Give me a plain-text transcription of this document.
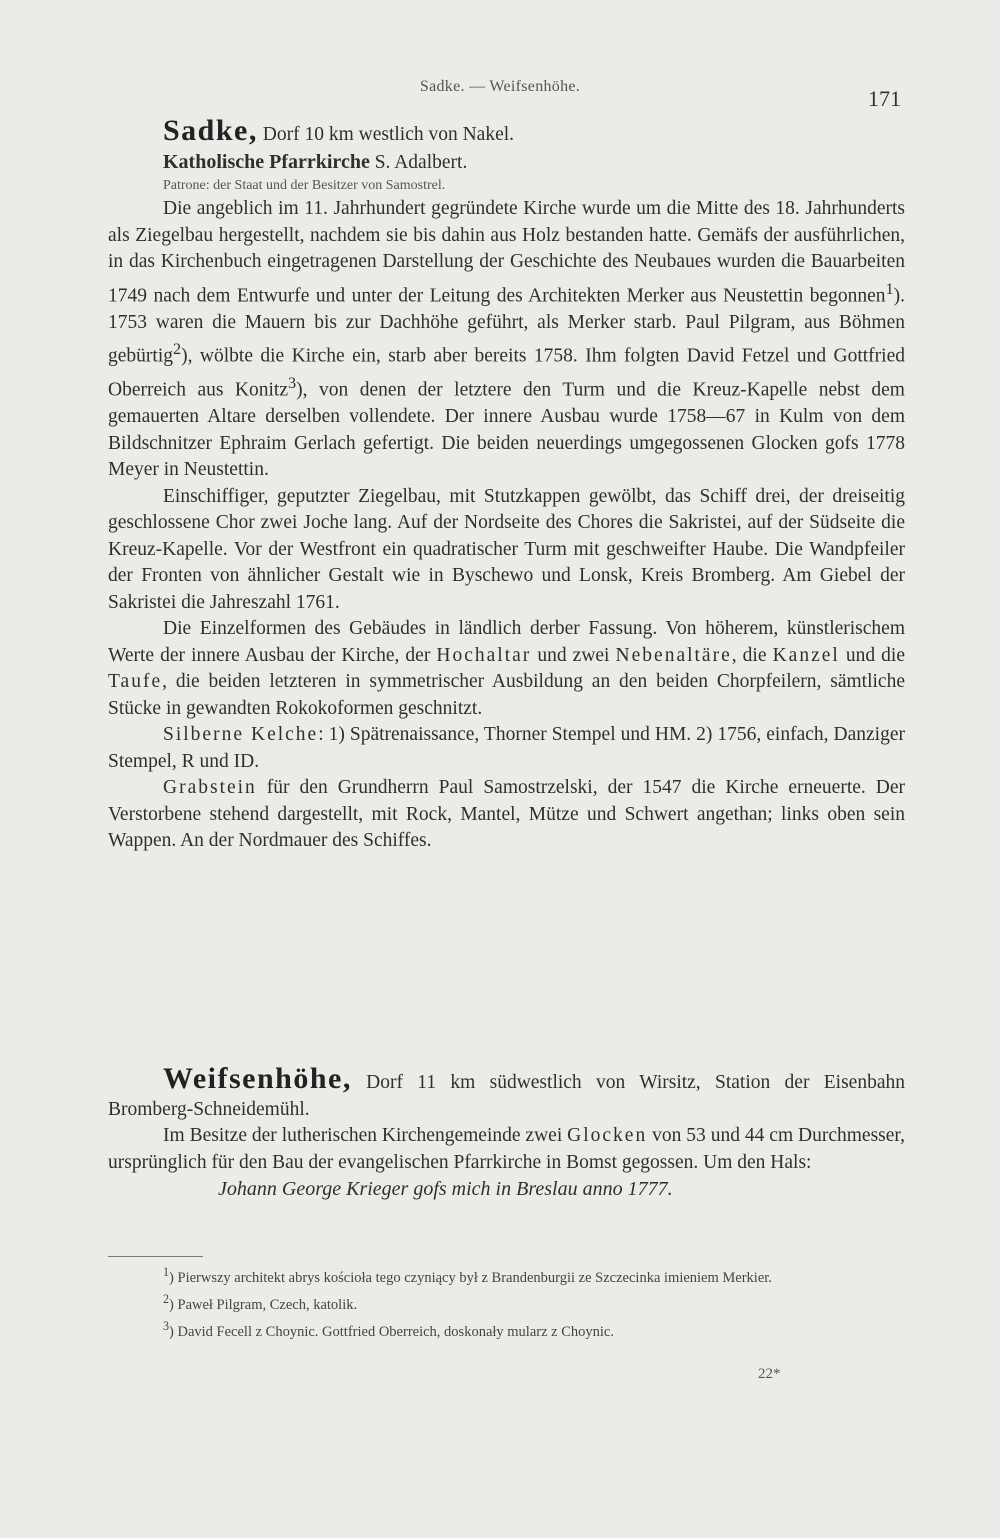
Sadke. — Weifsenhöhe.	171
Sadke, Dorf 10 km westlich von Nakel.

Katholische Pfarrkirche S. Adalbert.

Patrone: der Staat und der Besitzer von Samostrel.

Die angeblich im 11. Jahrhundert gegründete Kirche wurde um die Mitte des 18. Jahrhunderts als Ziegelbau hergestellt, nachdem sie bis dahin aus Holz bestanden hatte. Gemäfs der ausführlichen, in das Kirchenbuch eingetragenen Darstellung der Geschichte des Neubaues wurden die Bauarbeiten 1749 nach dem Entwurfe und unter der Leitung des Architekten Merker aus Neustettin begonnen$^1$). 1753 waren die Mauern bis zur Dachhöhe geführt, als Merker starb. Paul Pilgram, aus Böhmen gebürtig$^2$), wölbte die Kirche ein, starb aber bereits 1758. Ihm folgten David Fetzel und Gottfried Oberreich aus Konitz$^3$), von denen der letztere den Turm und die Kreuz-Kapelle nebst dem gemauerten Altare derselben vollendete. Der innere Ausbau wurde 1758—67 in Kulm von dem Bildschnitzer Ephraim Gerlach gefertigt. Die beiden neuerdings umgegossenen Glocken gofs 1778 Meyer in Neustettin.

Einschiffiger, geputzter Ziegelbau, mit Stutzkappen gewölbt, das Schiff drei, der dreiseitig geschlossene Chor zwei Joche lang. Auf der Nordseite des Chores die Sakristei, auf der Südseite die Kreuz-Kapelle. Vor der Westfront ein quadratischer Turm mit geschweifter Haube. Die Wandpfeiler der Fronten von ähnlicher Gestalt wie in Byschewo und Lonsk, Kreis Bromberg. Am Giebel der Sakristei die Jahreszahl 1761.

Die Einzelformen des Gebäudes in ländlich derber Fassung. Von höherem, künstlerischem Werte der innere Ausbau der Kirche, der Hochaltar und zwei Nebenaltäre, die Kanzel und die Taufe, die beiden letzteren in symmetrischer Ausbildung an den beiden Chorpfeilern, sämtliche Stücke in gewandten Rokokoformen geschnitzt.

Silberne Kelche: 1) Spätrenaissance, Thorner Stempel und HM. 2) 1756, einfach, Danziger Stempel, R und ID.

Grabstein für den Grundherrn Paul Samostrzelski, der 1547 die Kirche erneuerte. Der Verstorbene stehend dargestellt, mit Rock, Mantel, Mütze und Schwert angethan; links oben sein Wappen. An der Nordmauer des Schiffes.

Weifsenhöhe, Dorf 11 km südwestlich von Wirsitz, Station der Eisenbahn Bromberg-Schneidemühl.

Im Besitze der lutherischen Kirchengemeinde zwei Glocken von 53 und 44 cm Durchmesser, ursprünglich für den Bau der evangelischen Pfarrkirche in Bomst gegossen. Um den Hals:

Johann George Krieger gofs mich in Breslau anno 1777.

$^1$) Pierwszy architekt abrys kościoła tego czyniący był z Brandenburgii ze Szczecinka imieniem Merkier.

$^2$) Paweł Pilgram, Czech, katolik.

$^3$) David Fecell z Choynic. Gottfried Oberreich, doskonały mularz z Choynic.

22*
